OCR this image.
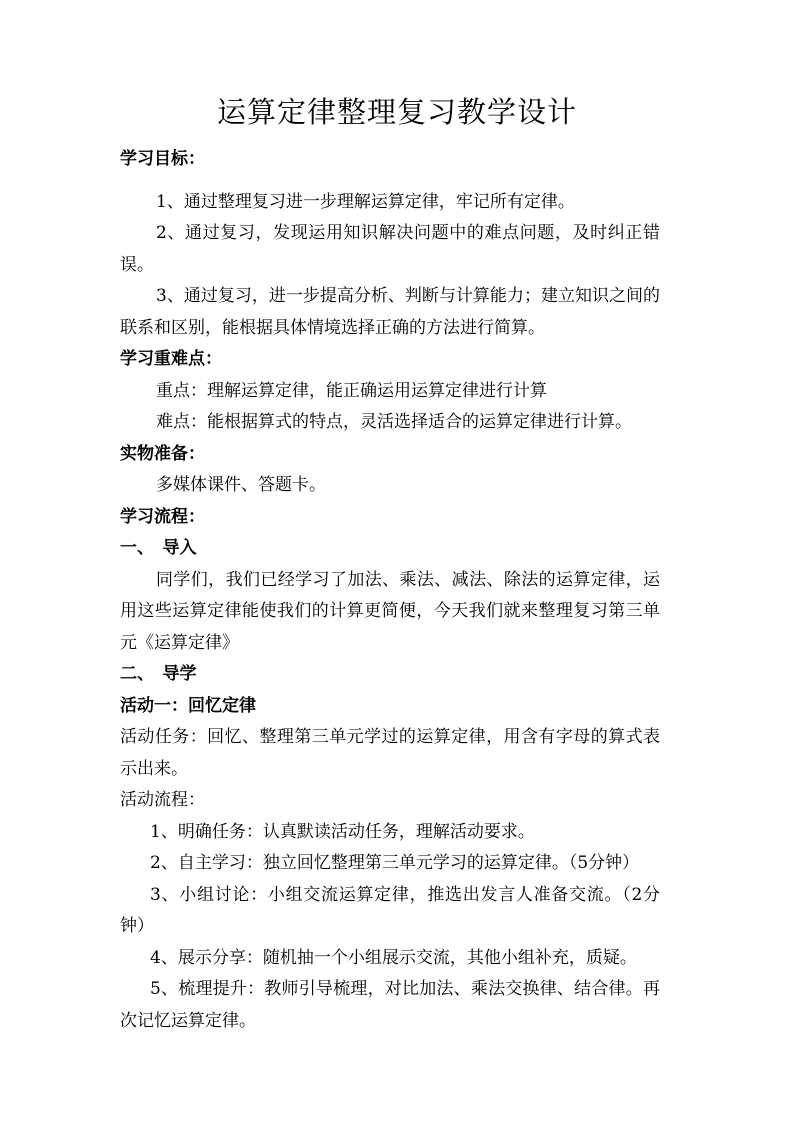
运算定律整理复习教学设计

学习目标：

1、通过整理复习进一步理解运算定律，牢记所有定律。

2、通过复习，发现运用知识解决问题中的难点问题，及时纠正错误。

3、通过复习，进一步提高分析、判断与计算能力；建立知识之间的联系和区别，能根据具体情境选择正确的方法进行简算。

学习重难点：

重点：理解运算定律，能正确运用运算定律进行计算

难点：能根据算式的特点，灵活选择适合的运算定律进行计算。

实物准备：

多媒体课件、答题卡。

学习流程：

一、　导入

同学们，我们已经学习了加法、乘法、减法、除法的运算定律，运用这些运算定律能使我们的计算更简便，今天我们就来整理复习第三单元《运算定律》

二、　导学

活动一：回忆定律

活动任务：回忆、整理第三单元学过的运算定律，用含有字母的算式表示出来。

活动流程：

1、明确任务：认真默读活动任务，理解活动要求。

2、自主学习：独立回忆整理第三单元学习的运算定律。（5分钟）

3、小组讨论：小组交流运算定律，推选出发言人准备交流。（2分钟）

4、展示分享：随机抽一个小组展示交流，其他小组补充，质疑。

5、梳理提升：教师引导梳理，对比加法、乘法交换律、结合律。再次记忆运算定律。
